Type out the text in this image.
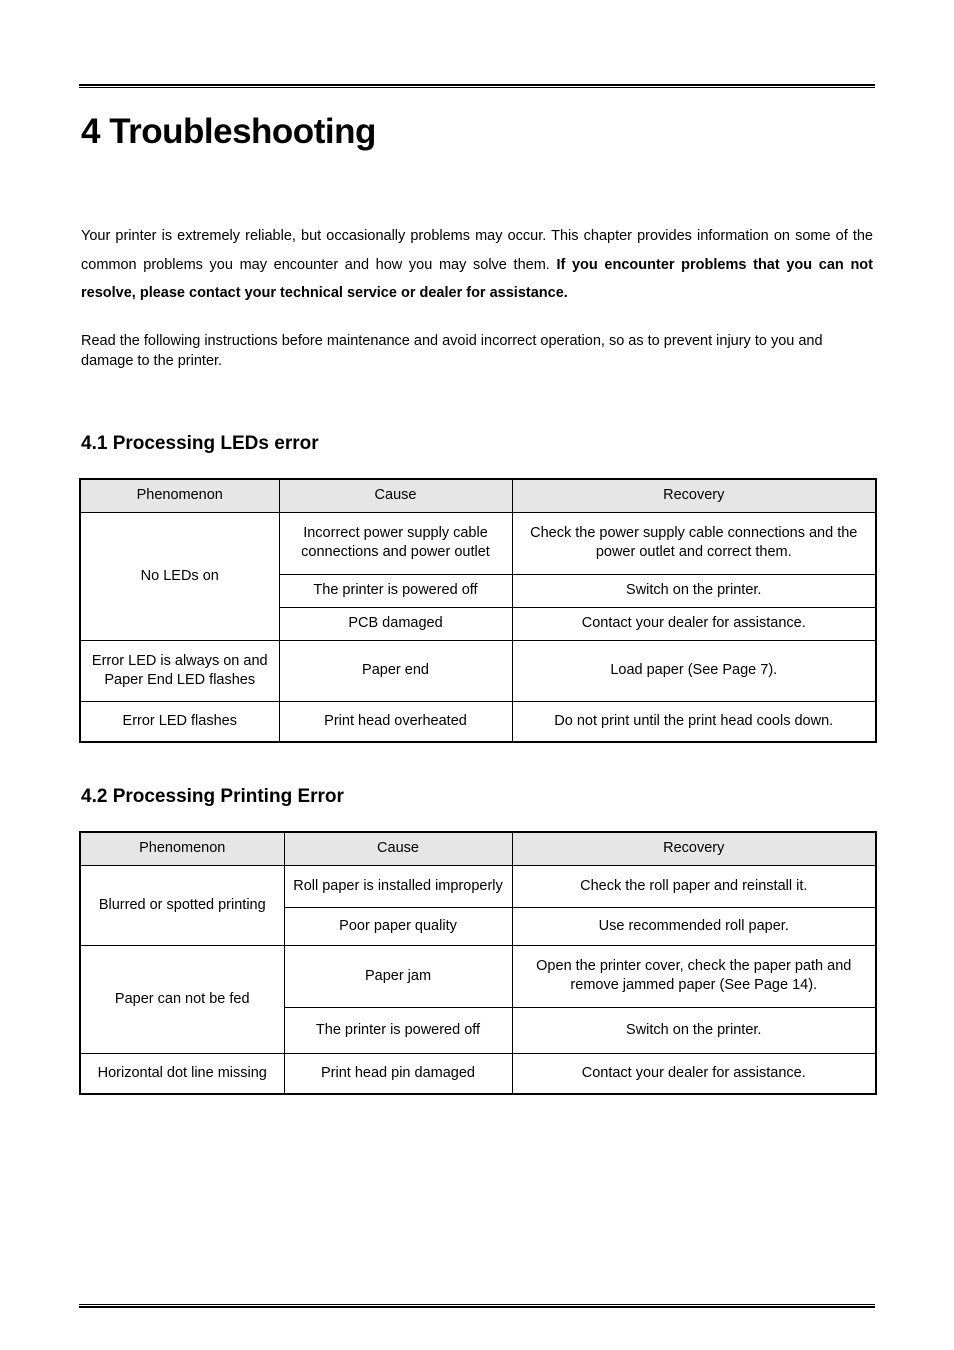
4 Troubleshooting

Your printer is extremely reliable, but occasionally problems may occur. This chapter provides information on some of the common problems you may encounter and how you may solve them. If you encounter problems that you can not resolve, please contact your technical service or dealer for assistance.

Read the following instructions before maintenance and avoid incorrect operation, so as to prevent injury to you and damage to the printer.

4.1 Processing LEDs error
Phenomenon	Cause	Recovery
No LEDs on	Incorrect power supply cable connections and power outlet	Check the power supply cable connections and the power outlet and correct them.
	The printer is powered off	Switch on the printer.
	PCB damaged	Contact your dealer for assistance.
Error LED is always on and Paper End LED flashes	Paper end	Load paper (See Page 7).
Error LED flashes	Print head overheated	Do not print until the print head cools down.
4.2 Processing Printing Error
Phenomenon	Cause	Recovery
Blurred or spotted printing	Roll paper is installed improperly	Check the roll paper and reinstall it.
	Poor paper quality	Use recommended roll paper.
Paper can not be fed	Paper jam	Open the printer cover, check the paper path and remove jammed paper (See Page 14).
	The printer is powered off	Switch on the printer.
Horizontal dot line missing	Print head pin damaged	Contact your dealer for assistance.
